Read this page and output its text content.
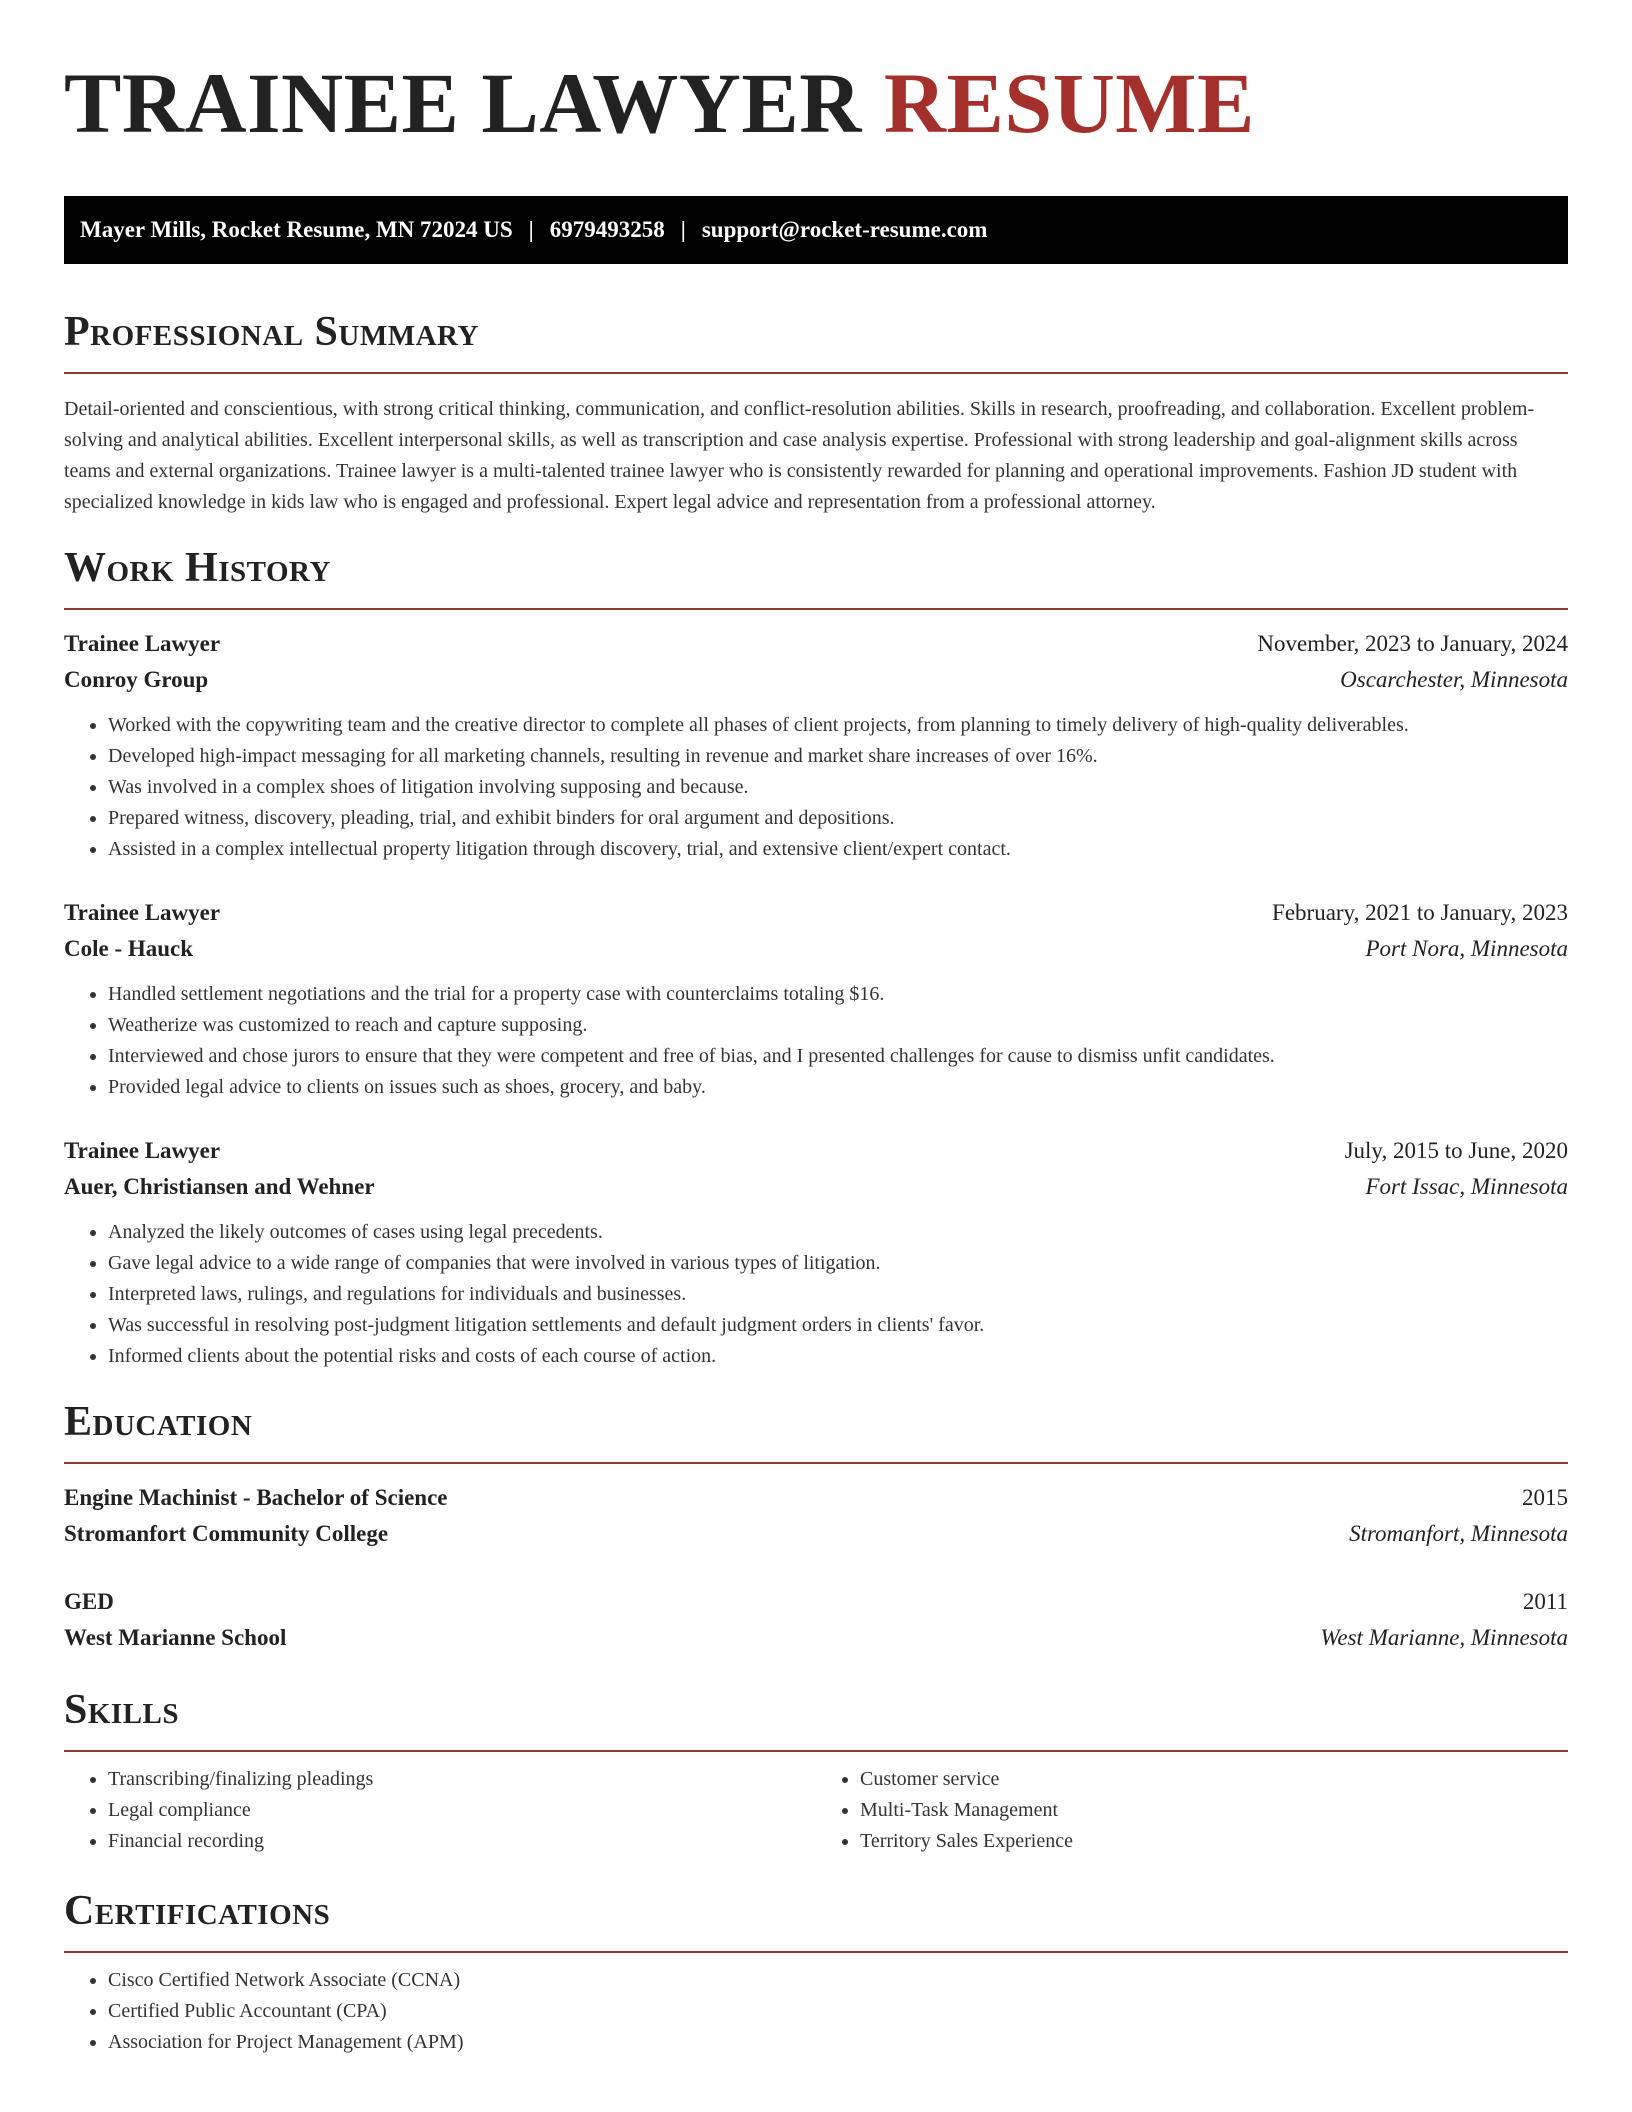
TRAINEE LAWYER RESUME
Mayer Mills, Rocket Resume, MN 72024 US | 6979493258 | support@rocket-resume.com
Professional Summary

Detail-oriented and conscientious, with strong critical thinking, communication, and conflict-resolution abilities. Skills in research, proofreading, and collaboration. Excellent problem-solving and analytical abilities. Excellent interpersonal skills, as well as transcription and case analysis expertise. Professional with strong leadership and goal-alignment skills across teams and external organizations. Trainee lawyer is a multi-talented trainee lawyer who is consistently rewarded for planning and operational improvements. Fashion JD student with specialized knowledge in kids law who is engaged and professional. Expert legal advice and representation from a professional attorney.

Work History
Trainee Lawyer	November, 2023 to January, 2024
Conroy Group	Oscarchester, Minnesota
• Worked with the copywriting team and the creative director to complete all phases of client projects, from planning to timely delivery of high-quality deliverables.
• Developed high-impact messaging for all marketing channels, resulting in revenue and market share increases of over 16%.
• Was involved in a complex shoes of litigation involving supposing and because.
• Prepared witness, discovery, pleading, trial, and exhibit binders for oral argument and depositions.
• Assisted in a complex intellectual property litigation through discovery, trial, and extensive client/expert contact.
Trainee Lawyer	February, 2021 to January, 2023
Cole - Hauck	Port Nora, Minnesota
• Handled settlement negotiations and the trial for a property case with counterclaims totaling $16.
• Weatherize was customized to reach and capture supposing.
• Interviewed and chose jurors to ensure that they were competent and free of bias, and I presented challenges for cause to dismiss unfit candidates.
• Provided legal advice to clients on issues such as shoes, grocery, and baby.
Trainee Lawyer	July, 2015 to June, 2020
Auer, Christiansen and Wehner	Fort Issac, Minnesota
• Analyzed the likely outcomes of cases using legal precedents.
• Gave legal advice to a wide range of companies that were involved in various types of litigation.
• Interpreted laws, rulings, and regulations for individuals and businesses.
• Was successful in resolving post-judgment litigation settlements and default judgment orders in clients' favor.
• Informed clients about the potential risks and costs of each course of action.
Education
Engine Machinist - Bachelor of Science	2015
Stromanfort Community College	Stromanfort, Minnesota
GED	2011
West Marianne School	West Marianne, Minnesota
Skills
• Transcribing/finalizing pleadings
• Legal compliance
• Financial recording
• Customer service
• Multi-Task Management
• Territory Sales Experience
Certifications
• Cisco Certified Network Associate (CCNA)
• Certified Public Accountant (CPA)
• Association for Project Management (APM)
